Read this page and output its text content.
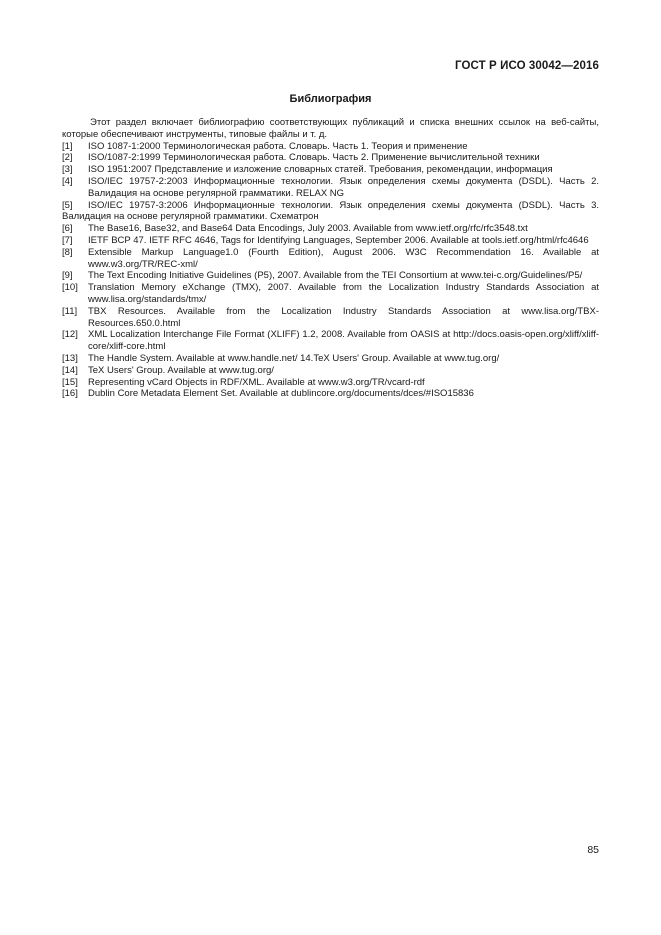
ГОСТ Р ИСО 30042—2016
Библиография

Этот раздел включает библиографию соответствующих публикаций и списка внешних ссылок на веб-сайты, которые обеспечивают инструменты, типовые файлы и т. д.

[1]	ISO 1087-1:2000 Терминологическая работа. Словарь. Часть 1. Теория и применение
[2]	ISO/1087-2:1999 Терминологическая работа. Словарь. Часть 2. Применение вычислительной техники
[3]	ISO 1951:2007 Представление и изложение словарных статей. Требования, рекомендации, информация
[4]	ISO/IEC 19757-2:2003 Информационные технологии. Язык определения схемы документа (DSDL). Часть 2. Валидация на основе регулярной грамматики. RELAX NG
[5] ISO/IEC 19757-3:2006 Информационные технологии. Язык определения схемы документа (DSDL). Часть 3. Валидация на основе регулярной грамматики. Схематрон
[6]	The Base16, Base32, and Base64 Data Encodings, July 2003. Available from www.ietf.org/rfc/rfc3548.txt
[7]	IETF BCP 47. IETF RFC 4646, Tags for Identifying Languages, September 2006. Available at tools.ietf.org/html/rfc4646
[8]	Extensible Markup Language1.0 (Fourth Edition), August 2006. W3C Recommendation 16. Available at www.w3.org/TR/REC-xml/
[9]	The Text Encoding Initiative Guidelines (P5), 2007. Available from the TEI Consortium at www.tei-c.org/Guidelines/P5/
[10]	Translation Memory eXchange (TMX), 2007. Available from the Localization Industry Standards Association at www.lisa.org/standards/tmx/
[11]	TBX Resources. Available from the Localization Industry Standards Association at www.lisa.org/TBX-Resources.650.0.html
[12]	XML Localization Interchange File Format (XLIFF) 1.2, 2008. Available from OASIS at http://docs.oasis-open.org/xliff/xliff-core/xliff-core.html
[13]	The Handle System. Available at www.handle.net/ 14.TeX Users' Group. Available at www.tug.org/
[14]	TeX Users' Group. Available at www.tug.org/
[15]	Representing vCard Objects in RDF/XML. Available at www.w3.org/TR/vcard-rdf
[16]	Dublin Core Metadata Element Set. Available at dublincore.org/documents/dces/#ISO15836
85
